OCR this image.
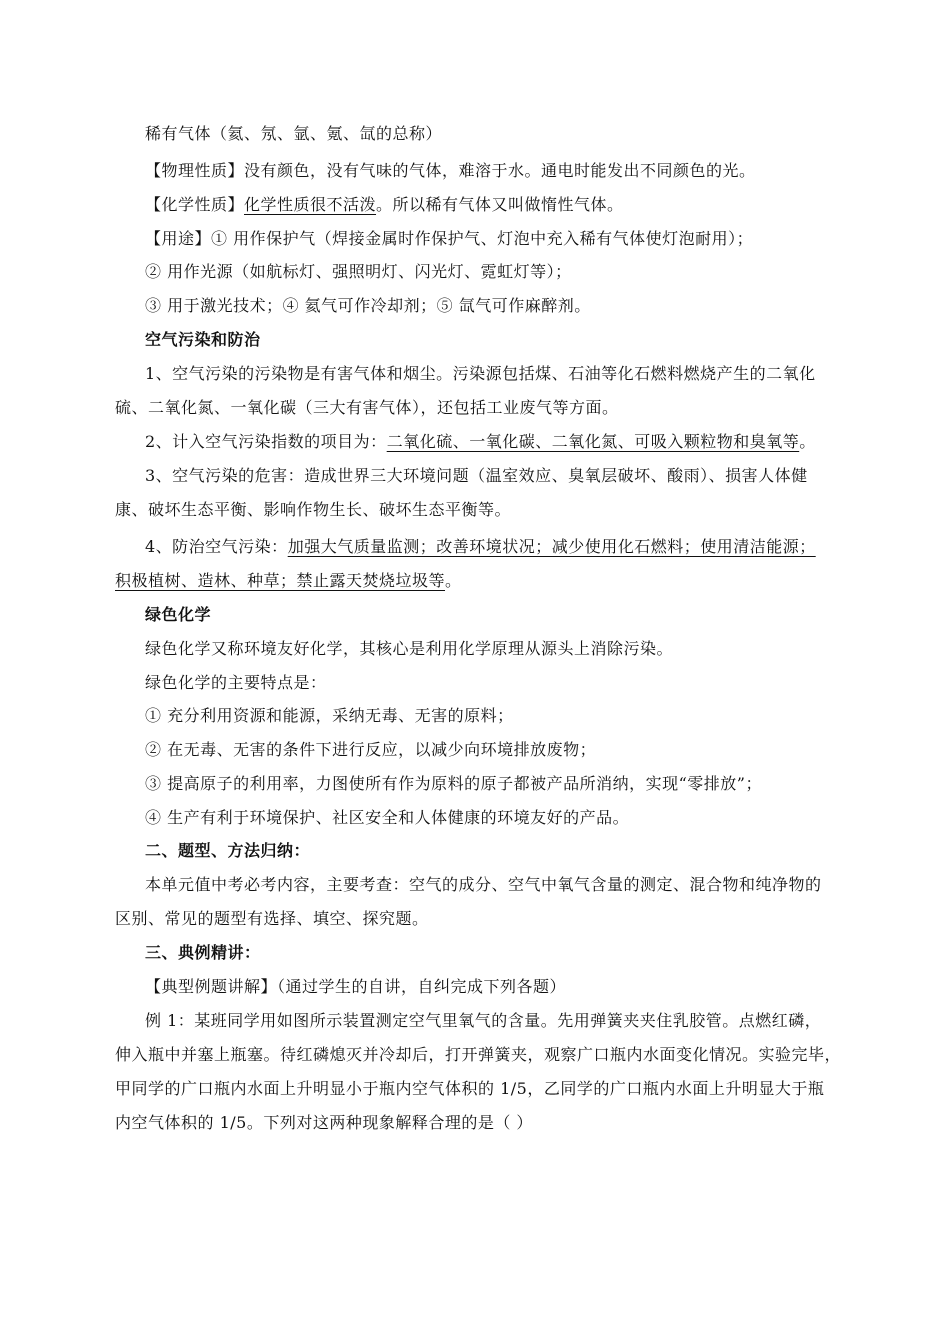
稀有气体（氦、氖、氩、氪、氙的总称）
【物理性质】没有颜色，没有气味的气体，难溶于水。通电时能发出不同颜色的光。
【化学性质】化学性质很不活泼。所以稀有气体又叫做惰性气体。
【用途】① 用作保护气（焊接金属时作保护气、灯泡中充入稀有气体使灯泡耐用）；
② 用作光源（如航标灯、强照明灯、闪光灯、霓虹灯等）；
③ 用于激光技术；④ 氦气可作冷却剂；⑤ 氙气可作麻醉剂。
空气污染和防治
1、空气污染的污染物是有害气体和烟尘。污染源包括煤、石油等化石燃料燃烧产生的二氧化
硫、二氧化氮、一氧化碳（三大有害气体），还包括工业废气等方面。
2、计入空气污染指数的项目为：二氧化硫、一氧化碳、二氧化氮、可吸入颗粒物和臭氧等。
3、空气污染的危害：造成世界三大环境问题（温室效应、臭氧层破坏、酸雨）、损害人体健
康、破坏生态平衡、影响作物生长、破坏生态平衡等。
4、防治空气污染：加强大气质量监测；改善环境状况；减少使用化石燃料；使用清洁能源；
积极植树、造林、种草；禁止露天焚烧垃圾等。
绿色化学
绿色化学又称环境友好化学，其核心是利用化学原理从源头上消除污染。
绿色化学的主要特点是：
① 充分利用资源和能源，采纳无毒、无害的原料；
② 在无毒、无害的条件下进行反应，以减少向环境排放废物；
③ 提高原子的利用率，力图使所有作为原料的原子都被产品所消纳，实现“零排放”；
④ 生产有利于环境保护、社区安全和人体健康的环境友好的产品。
二、题型、方法归纳：
本单元值中考必考内容，主要考查：空气的成分、空气中氧气含量的测定、混合物和纯净物的
区别、常见的题型有选择、填空、探究题。
三、典例精讲：
【典型例题讲解】（通过学生的自讲，自纠完成下列各题）
例 1：某班同学用如图所示装置测定空气里氧气的含量。先用弹簧夹夹住乳胶管。点燃红磷，
伸入瓶中并塞上瓶塞。待红磷熄灭并冷却后，打开弹簧夹，观察广口瓶内水面变化情况。实验完毕，
甲同学的广口瓶内水面上升明显小于瓶内空气体积的 1/5，乙同学的广口瓶内水面上升明显大于瓶
内空气体积的 1/5。下列对这两种现象解释合理的是（ ）
